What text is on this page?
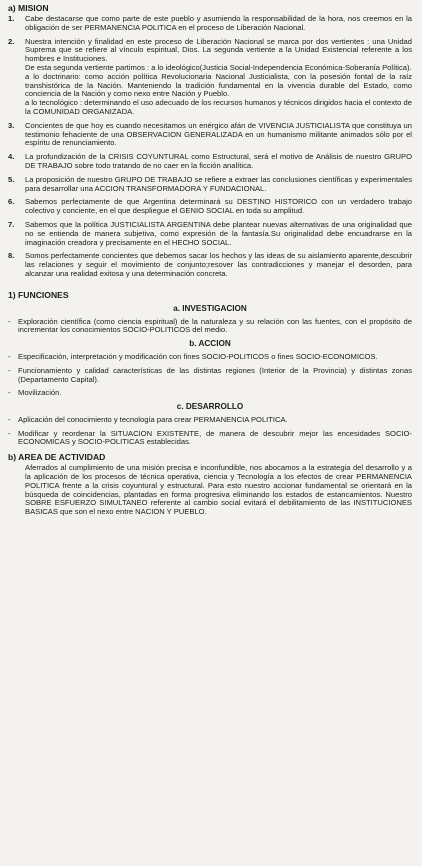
a) MISION
1.	Cabe destacarse que como parte de este pueblo y asumiendo la responsabilidad de la hora, nos creemos en la obligación de ser PERMANENCIA POLITICA en el proceso de Liberación Nacional.
2.	Nuestra intención y finalidad en este proceso de Liberación Nacional se marca por dos vertientes : una Unidad Suprema que se refiere al vínculo espiritual, Dios. La segunda vertiente a la Unidad Existencial referente a los hombres e Instituciones.

De esta segunda vertiente partimos : a lo ideológico(Justicia Social-Independencia Económica-Soberanía Política).

a lo doctrinario: como acción política Revolucionaria Nacional Justicialista, con la posesión fontal de la raíz transhistórica de la Nación. Manteniendo la tradición fundamental en la vivencia durable del Estado, como conciencia de la Nación y como nexo entre Nación y Pueblo.

a lo tecnológico : determinando el uso adecuado de los recursos humanos y técnicos dirigidos hacia el contexto de la COMUNIDAD ORGANIZADA.

3.	Concientes de que hoy es cuando necesitamos un enérgico afán de VIVENCIA JUSTICIALISTA que constituya un testimonio fehaciente de una OBSERVACION GENERALIZADA en un humanismo militante animados sólo por el espíritu de renunciamiento.
4.	La profundización de la CRISIS COYUNTURAL como Estructural, será el motivo de Análisis de nuestro GRUPO DE TRABAJO sobre todo tratando de no caer en la ficción analítica.
5.	La proposición de nuestro GRUPO DE TRABAJO se refiere a extraer las conclusiones científicas y experimentales para desarrollar una ACCION TRANSFORMADORA Y FUNDACIONAL.
6.	Sabemos perfectamente de que Argentina determinará su DESTINO HISTORICO con un verdadero trabajo colectivo y conciente, en el que despliegue el GENIO SOCIAL en toda su amplitud.
7.	Sabemos que la política JUSTICIALISTA ARGENTINA debe plantear nuevas alternativas de una originalidad que no se entienda de manera subjetiva, como expresión de la fantasía.Su originalidad debe encuadrarse en la imaginación creadora y precisamente en el HECHO SOCIAL.
8.	Somos perfectamente concientes que debemos sacar los hechos y las ideas de su aislamiento aparente,descubrir las relaciones y seguir el movimiento de conjunto;resover las contradicciones y manejar el desorden, para alcanzar una realidad exitosa y una determinación concreta.
1) FUNCIONES
a. INVESTIGACION
- Exploración científica (como ciencia espiritual) de la naturaleza y su relación con las fuentes, con el propósito de incrementar los conocimientos SOCIO-POLITICOS del medio.
b. ACCION
- Especificación, interpretación y modificación con fines SOCIO-POLITICOS o fines SOCIO-ECONOMICOS.
- Funcionamiento y calidad características de las distintas regiones (Interior de la Provincia) y distintas zonas (Departamento Capital).
- Movilización.
c. DESARROLLO
- Aplicación del conocimiento y tecnología para crear PERMANENCIA POLITICA.
- Modificar y reordenar la SITUACION EXISTENTE, de manera de descubrir mejor las encesidades SOCIO-ECONOMICAS y SOCIO-POLITICAS establecidas.
b) AREA DE ACTIVIDAD
Aferrados al cumplimiento de una misión precisa e inconfundible, nos abocamos a la estrategia del desarrollo y a la aplicación de los procesos de técnica operativa, ciencia y Tecnología a los efectos de crear PERMANENCIA POLITICA frente a la crisis coyuntural y estructural. Para esto nuestro accionar fundamental se orientará en la búsqueda de coincidencias, plantadas en forma progresiva eliminando los estados de estancamientos. Nuestro SOBRE ESFUERZO SIMULTANEO referente al cambio social evitará el debilitamiento de las INSTITUCIONES BASICAS que son el nexo entre NACION Y PUEBLO.
